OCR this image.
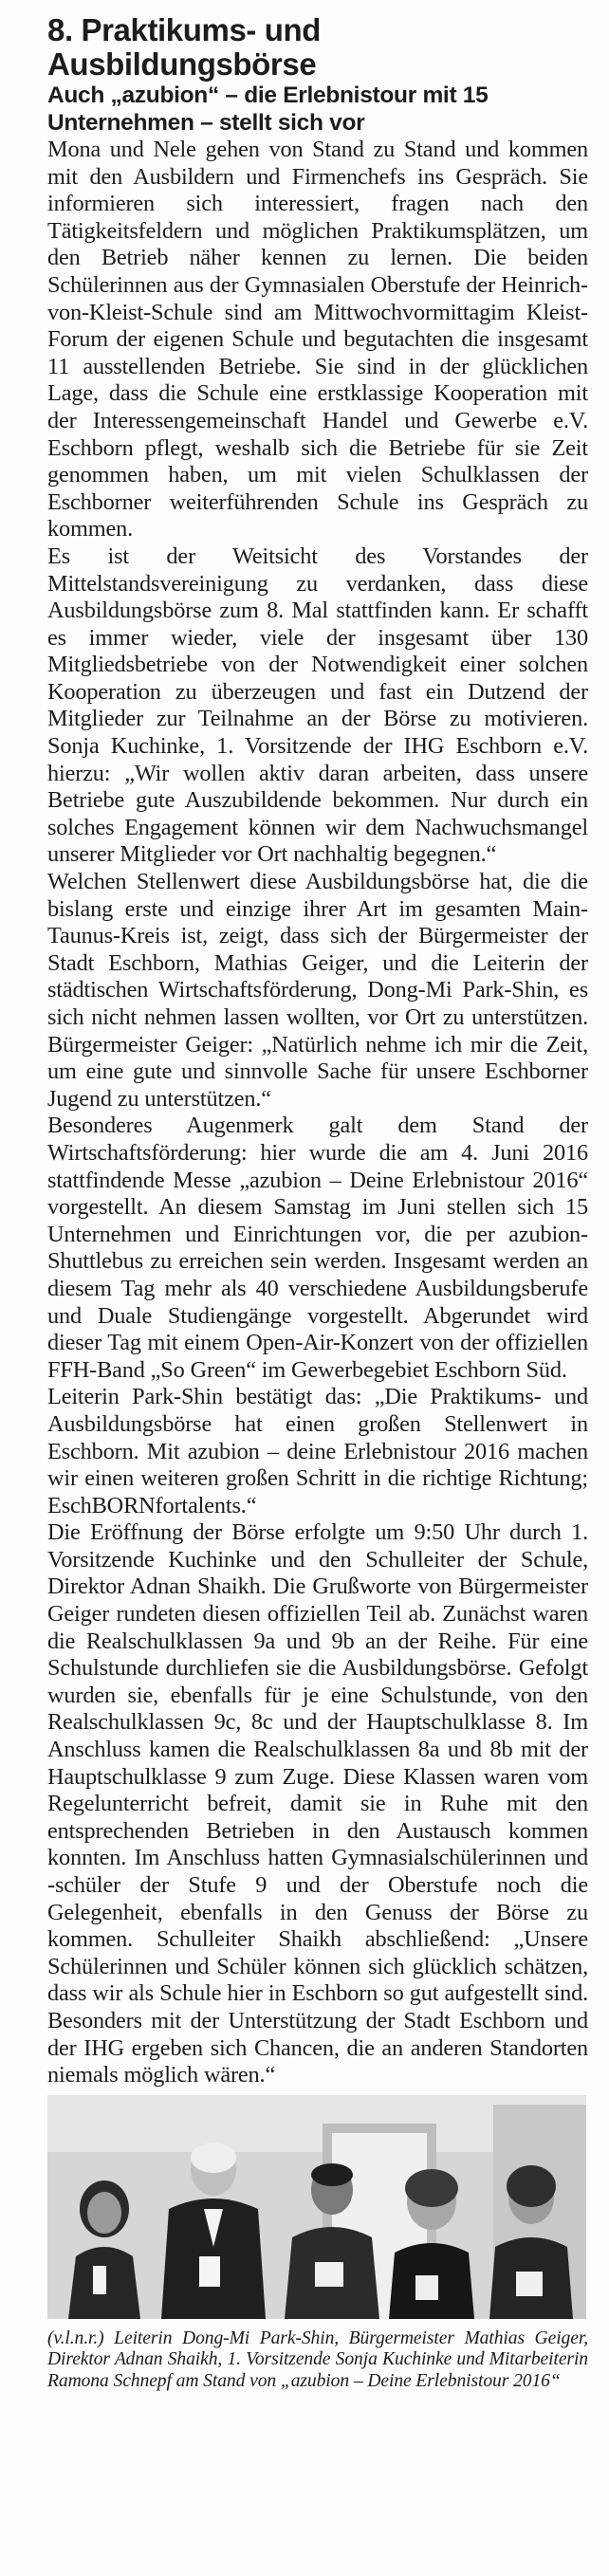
8. Praktikums- und Ausbildungsbörse
Auch „azubion“ – die Erlebnistour mit 15 Unternehmen – stellt sich vor

Mona und Nele gehen von Stand zu Stand und kommen mit den Ausbildern und Firmenchefs ins Gespräch. Sie informieren sich interessiert, fragen nach den Tätigkeitsfeldern und möglichen Praktikumsplätzen, um den Betrieb näher kennen zu lernen. Die beiden Schülerinnen aus der Gymnasialen Oberstufe der Heinrich-von-Kleist-Schule sind am Mittwochvormittagim Kleist-Forum der eigenen Schule und begutachten die insgesamt 11 ausstellenden Betriebe. Sie sind in der glücklichen Lage, dass die Schule eine erstklassige Kooperation mit der Interessengemeinschaft Handel und Gewerbe e.V. Eschborn pflegt, weshalb sich die Betriebe für sie Zeit genommen haben, um mit vielen Schulklassen der Eschborner weiterführenden Schule ins Gespräch zu kommen.

Es ist der Weitsicht des Vorstandes der Mittelstandsvereinigung zu verdanken, dass diese Ausbildungsbörse zum 8. Mal stattfinden kann. Er schafft es immer wieder, viele der insgesamt über 130 Mitgliedsbetriebe von der Notwendigkeit einer solchen Kooperation zu überzeugen und fast ein Dutzend der Mitglieder zur Teilnahme an der Börse zu motivieren. Sonja Kuchinke, 1. Vorsitzende der IHG Eschborn e.V. hierzu: „Wir wollen aktiv daran arbeiten, dass unsere Betriebe gute Auszubildende bekommen. Nur durch ein solches Engagement können wir dem Nachwuchsmangel unserer Mitglieder vor Ort nachhaltig begegnen.“

Welchen Stellenwert diese Ausbildungsbörse hat, die die bislang erste und einzige ihrer Art im gesamten Main-Taunus-Kreis ist, zeigt, dass sich der Bürgermeister der Stadt Eschborn, Mathias Geiger, und die Leiterin der städtischen Wirtschaftsförderung, Dong-Mi Park-Shin, es sich nicht nehmen lassen wollten, vor Ort zu unterstützen. Bürgermeister Geiger: „Natürlich nehme ich mir die Zeit, um eine gute und sinnvolle Sache für unsere Eschborner Jugend zu unterstützen.“

Besonderes Augenmerk galt dem Stand der Wirtschaftsförderung: hier wurde die am 4. Juni 2016 stattfindende Messe „azubion – Deine Erlebnistour 2016“ vorgestellt. An diesem Samstag im Juni stellen sich 15 Unternehmen und Einrichtungen vor, die per azubion-Shuttlebus zu erreichen sein werden. Insgesamt werden an diesem Tag mehr als 40 verschiedene Ausbildungsberufe und Duale Studiengänge vorgestellt. Abgerundet wird dieser Tag mit einem Open-Air-Konzert von der offiziellen FFH-Band „So Green“ im Gewerbegebiet Eschborn Süd.

Leiterin Park-Shin bestätigt das: „Die Praktikums- und Ausbildungsbörse hat einen großen Stellenwert in Eschborn. Mit azubion – deine Erlebnistour 2016 machen wir einen weiteren großen Schritt in die richtige Richtung; EschBORNfortalents.“

Die Eröffnung der Börse erfolgte um 9:50 Uhr durch 1. Vorsitzende Kuchinke und den Schulleiter der Schule, Direktor Adnan Shaikh. Die Grußworte von Bürgermeister Geiger rundeten diesen offiziellen Teil ab. Zunächst waren die Realschulklassen 9a und 9b an der Reihe. Für eine Schulstunde durchliefen sie die Ausbildungsbörse. Gefolgt wurden sie, ebenfalls für je eine Schulstunde, von den Realschulklassen 9c, 8c und der Hauptschulklasse 8. Im Anschluss kamen die Realschulklassen 8a und 8b mit der Hauptschulklasse 9 zum Zuge. Diese Klassen waren vom Regelunterricht befreit, damit sie in Ruhe mit den entsprechenden Betrieben in den Austausch kommen konnten. Im Anschluss hatten Gymnasialschülerinnen und -schüler der Stufe 9 und der Oberstufe noch die Gelegenheit, ebenfalls in den Genuss der Börse zu kommen. Schulleiter Shaikh abschließend: „Unsere Schülerinnen und Schüler können sich glücklich schätzen, dass wir als Schule hier in Eschborn so gut aufgestellt sind. Besonders mit der Unterstützung der Stadt Eschborn und der IHG ergeben sich Chancen, die an anderen Standorten niemals möglich wären.“

(v.l.n.r.) Leiterin Dong-Mi Park-Shin, Bürgermeister Mathias Geiger, Direktor Adnan Shaikh, 1. Vorsitzende Sonja Kuchinke und Mitarbeiterin Ramona Schnepf am Stand von „azubion – Deine Erlebnistour 2016“
